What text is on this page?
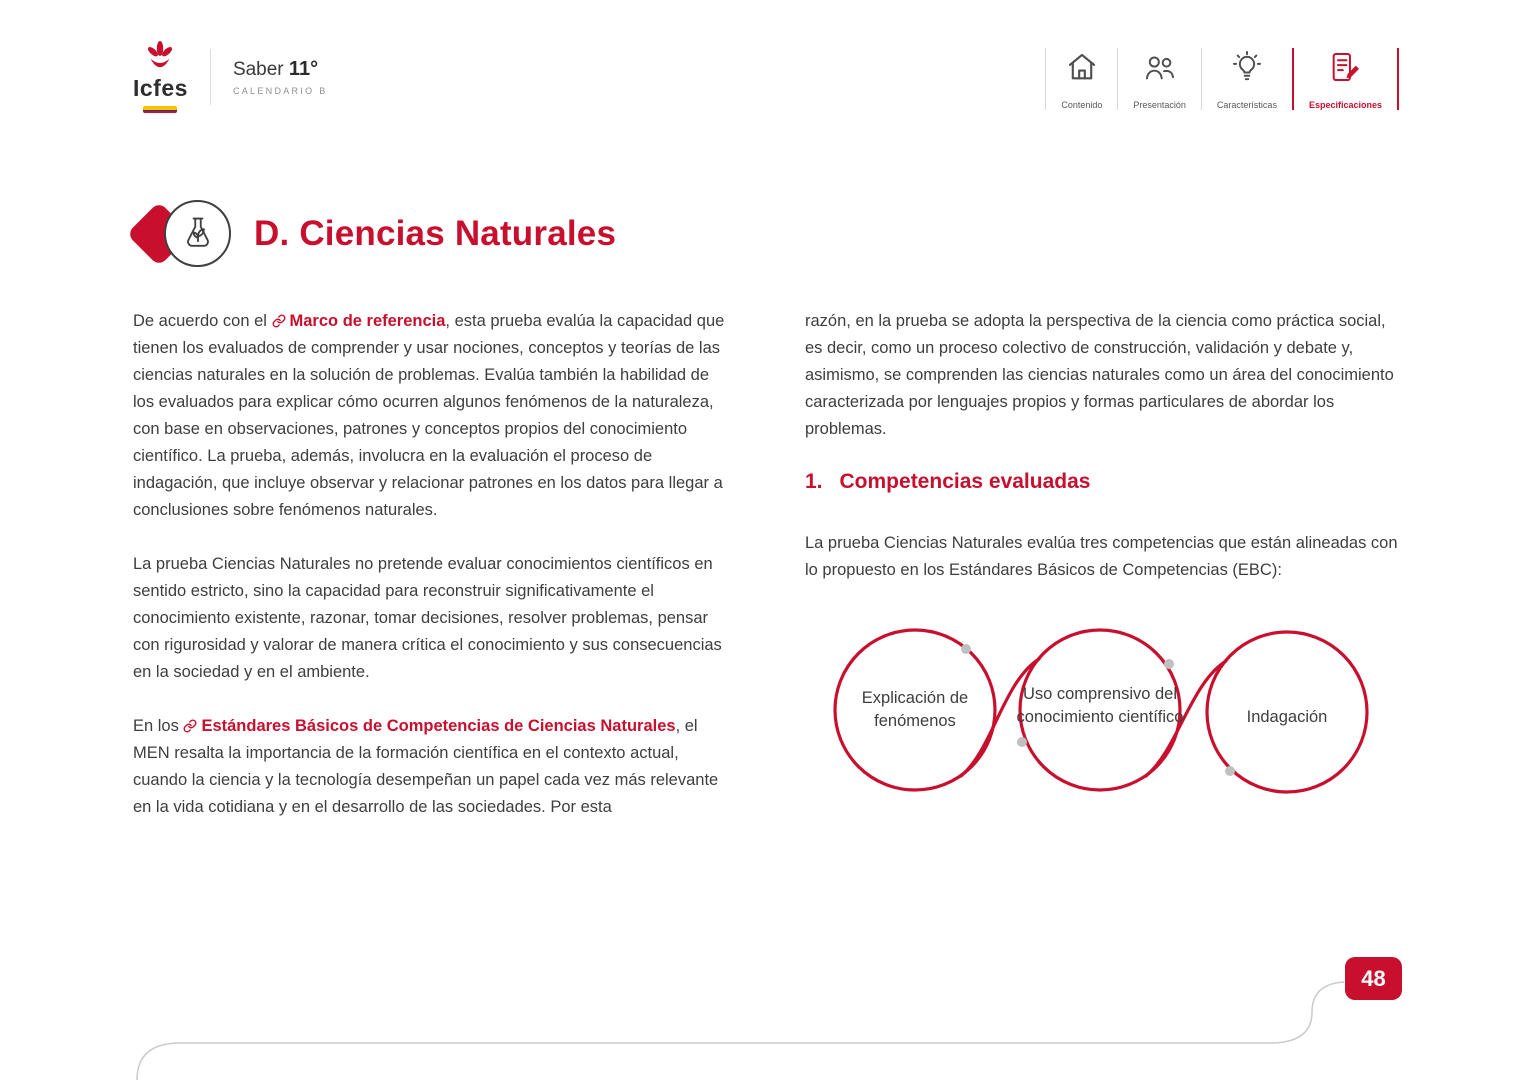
Icfes
Saber 11°
CALENDARIO B
Contenido	Presentación	Características	Especificaciones
D. Ciencias Naturales

De acuerdo con el
Marco de referencia, esta prueba evalúa la capacidad que tienen los evaluados de comprender y usar nociones, conceptos y teorías de las ciencias naturales en la solución de problemas. Evalúa también la habilidad de los evaluados para explicar cómo ocurren algunos fenómenos de la naturaleza, con base en observaciones, patrones y conceptos propios del conocimiento científico. La prueba, además, involucra en la evaluación el proceso de indagación, que incluye observar y relacionar patrones en los datos para llegar a conclusiones sobre fenómenos naturales.

La prueba Ciencias Naturales no pretende evaluar conocimientos científicos en sentido estricto, sino la capacidad para reconstruir significativamente el conocimiento existente, razonar, tomar decisiones, resolver problemas, pensar con rigurosidad y valorar de manera crítica el conocimiento y sus consecuencias en la sociedad y en el ambiente.

En los
Estándares Básicos de Competencias de Ciencias Naturales, el MEN resalta la importancia de la formación científica en el contexto actual, cuando la ciencia y la tecnología desempeñan un papel cada vez más relevante en la vida cotidiana y en el desarrollo de las sociedades. Por esta

razón, en la prueba se adopta la perspectiva de la ciencia como práctica social, es decir, como un proceso colectivo de construcción, validación y debate y, asimismo, se comprenden las ciencias naturales como un área del conocimiento caracterizada por lenguajes propios y formas particulares de abordar los problemas.

1. Competencias evaluadas

La prueba Ciencias Naturales evalúa tres competencias que están alineadas con lo propuesto en los Estándares Básicos de Competencias (EBC):

Explicación de fenómenos
Uso comprensivo del conocimiento científico	Indagación
48
